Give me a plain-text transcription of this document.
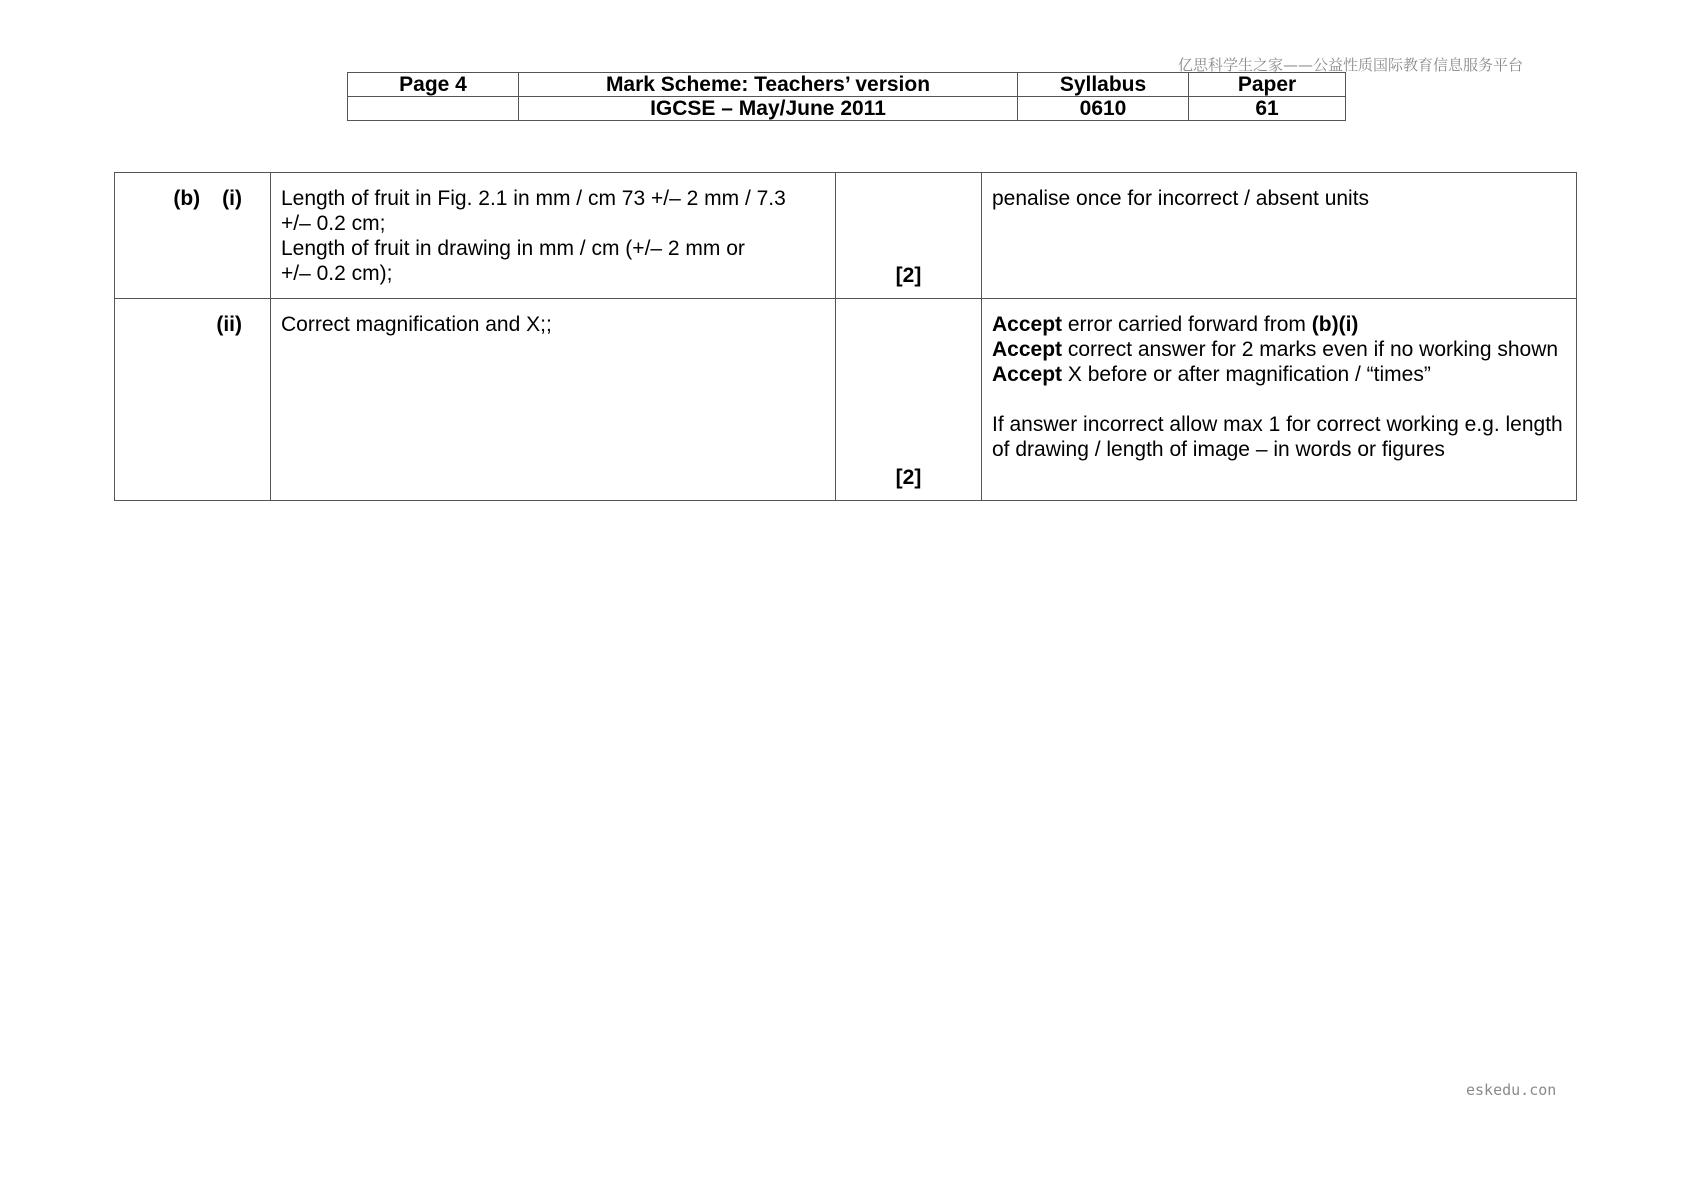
亿思科学生之家——公益性质国际教育信息服务平台
Page 4	Mark Scheme: Teachers’ version	Syllabus	Paper
	IGCSE – May/June 2011	0610	61
(b) (i)	Length of fruit in Fig. 2.1 in mm / cm 73 +/– 2 mm / 7.3
+/– 0.2 cm;
Length of fruit in drawing in mm / cm (+/– 2 mm or
+/– 0.2 cm);	[2]	penalise once for incorrect / absent units
(ii)	Correct magnification and X;;	[2]	Accept error carried forward from (b)(i)
Accept correct answer for 2 marks even if no working shown
Accept X before or after magnification / “times”
If answer incorrect allow max 1 for correct working e.g. length of drawing / length of image – in words or figures
eskedu.con
